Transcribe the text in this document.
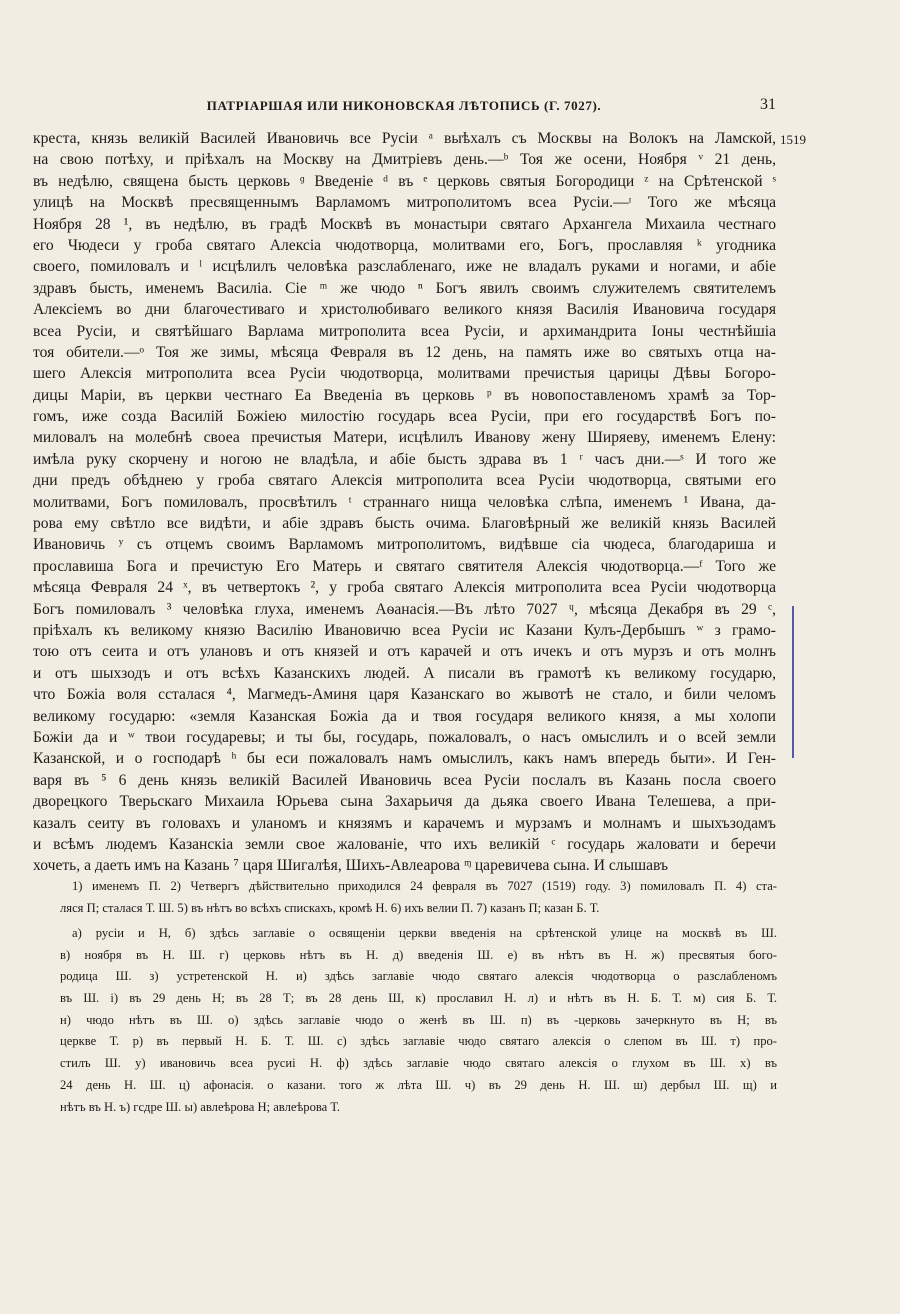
ПАТРІАРШАЯ ИЛИ НИКОНОВСКАЯ ЛѢТОПИСЬ (Г. 7027).	31
1519
креста, князь великій Василей Ивановичь все Русіи ᵃ выѣхалъ съ Москвы на Волокъ на Ламской,
на свою потѣху, и пріѣхалъ на Москву на Дмитріевъ день.—ᵇ Тоя же осени, Ноября ᵛ 21 день,
въ недѣлю, священа бысть церковь ᶢ Введеніе ᵈ въ ᵉ церковь святыя Богородици ᶻ на Срѣтенской ˢ
улицѣ на Москвѣ пресвященнымъ Варламомъ митрополитомъ всеа Русіи.—ᶦ Того же мѣсяца
Ноября 28 ¹, въ недѣлю, въ градѣ Москвѣ въ монастыри святаго Архангела Михаила честнаго
его Чюдеси у гроба святаго Алексіа чюдотворца, молитвами его, Богъ, прославляя ᵏ угодника
своего, помиловалъ и ˡ исцѣлилъ человѣка разслабленаго, иже не владалъ руками и ногами, и абіе
здравъ бысть, именемъ Василіа. Сіе ᵐ же чюдо ⁿ Богъ явилъ своимъ служителемъ святителемъ
Алексіемъ во дни благочестиваго и христолюбиваго великого князя Василія Ивановича государя
всеа Русіи, и святѣйшаго Варлама митрополита всеа Русіи, и архимандрита Іоны честнѣйшіа
тоя обители.—ᵒ Тоя же зимы, мѣсяца Февраля въ 12 день, на память иже во святыхъ отца на-
шего Алексія митрополита всеа Русіи чюдотворца, молитвами пречистыя царицы Дѣвы Богоро-
дицы Маріи, въ церкви честнаго Еа Введеніа въ церковь ᵖ въ новопоставленомъ храмѣ за Тор-
гомъ, иже созда Василій Божіею милостію государь всеа Русіи, при его государствѣ Богъ по-
миловалъ на молебнѣ своеа пречистыя Матери, исцѣлилъ Иванову жену Ширяеву, именемъ Елену:
имѣла руку скорчену и ногою не владѣла, и абіе бысть здрава въ 1 ʳ часъ дни.—ˢ И того же
дни предъ обѣднею у гроба святаго Алексія митрополита всеа Русіи чюдотворца, святыми его
молитвами, Богъ помиловалъ, просвѣтилъ ᵗ страннаго нища человѣка слѣпа, именемъ ¹ Ивана, да-
рова ему свѣтло все видѣти, и абіе здравъ бысть очима. Благовѣрный же великій князь Василей
Ивановичь ʸ съ отцемъ своимъ Варламомъ митрополитомъ, видѣвше сіа чюдеса, благодариша и
прославиша Бога и пречистую Его Матерь и святаго святителя Алексія чюдотворца.—ᶠ Того же
мѣсяца Февраля 24 ˣ, въ четвертокъ ², у гроба святаго Алексія митрополита всеа Русіи чюдотворца
Богъ помиловалъ ³ человѣка глуха, именемъ Аѳанасія.—Въ лѣто 7027 ᶣ, мѣсяца Декабря въ 29 ᶜ,
пріѣхалъ къ великому князю Василію Ивановичю всеа Русіи ис Казани Кулъ-Дербышъ ʷ з грамо-
тою отъ сеита и отъ улановъ и отъ князей и отъ карачей и отъ ичекъ и отъ мурзъ и отъ молнъ
и отъ шыхзодъ и отъ всѣхъ Казанскихъ людей. А писали въ грамотѣ къ великому государю,
что Божіа воля ссталася ⁴, Магмедъ-Аминя царя Казанскаго во жывотѣ не стало, и били челомъ
великому государю: «земля Казанская Божіа да и твоя государя великого князя, а мы холопи
Божіи да и ʷ твои государевы; и ты бы, государь, пожаловалъ, о насъ омыслилъ и о всей земли
Казанской, и о господарѣ ʰ бы еси пожаловалъ намъ омыслилъ, какъ намъ впередь быти». И Ген-
варя въ ⁵ 6 день князь великій Василей Ивановичь всеа Русіи послалъ въ Казань посла своего
дворецкого Тверьскаго Михаила Юрьева сына Захарьичя да дьяка своего Ивана Телешева, а при-
казалъ сеиту въ головахъ и уланомъ и князямъ и карачемъ и мурзамъ и молнамъ и шыхъзодамъ
и всѣмъ людемъ Казанскіа земли свое жалованіе, что ихъ великій ᶜ государь жаловати и беречи
хочеть, а даеть имъ на Казань ⁷ царя Шигалѣя, Шихъ-Авлеарова ᶬ царевичева сына. И слышавъ
1) именемъ П. 2) Четвергъ дѣйствительно приходился 24 февраля въ 7027 (1519) году. 3) помиловалъ П. 4) ста-
ляся П; сталася Т. Ш. 5) въ нѣтъ во всѣхъ спискахъ, кромѣ Н. 6) ихъ велии П. 7) казанъ П; казан Б. Т.
а) русіи и Н, б) здѣсь заглавіе о освященіи церкви введенія на срѣтенской улице на москвѣ въ Ш.
в) ноября въ Н. Ш. г) церковь нѣтъ въ Н. д) введенія Ш. е) въ нѣтъ въ Н. ж) пресвятыя бого-
родица Ш. з) устретенской Н. и) здѣсь заглавіе чюдо святаго алексія чюдотворца о разслабленомъ
въ Ш. і) въ 29 день Н; въ 28 Т; въ 28 день Ш, к) прославил Н. л) и нѣтъ въ Н. Б. Т. м) сия Б. Т.
н) чюдо нѣтъ въ Ш. о) здѣсь заглавіе чюдо о женѣ въ Ш. п) въ -церковь зачеркнуто въ Н; въ
церкве Т. р) въ первый Н. Б. Т. Ш. с) здѣсь заглавіе чюдо святаго алексія о слепом въ Ш. т) про-
стилъ Ш. у) ивановичь всеа русиі Н. ф) здѣсь заглавіе чюдо святаго алексія о глухом въ Ш. х) въ
24 день Н. Ш. ц) афонасія. о казани. того ж лѣта Ш. ч) въ 29 день Н. Ш. ш) дербыл Ш. щ) и
нѣтъ въ Н. ъ) гсдре Ш. ы) авлеѣрова Н; авлеѣрова Т.
